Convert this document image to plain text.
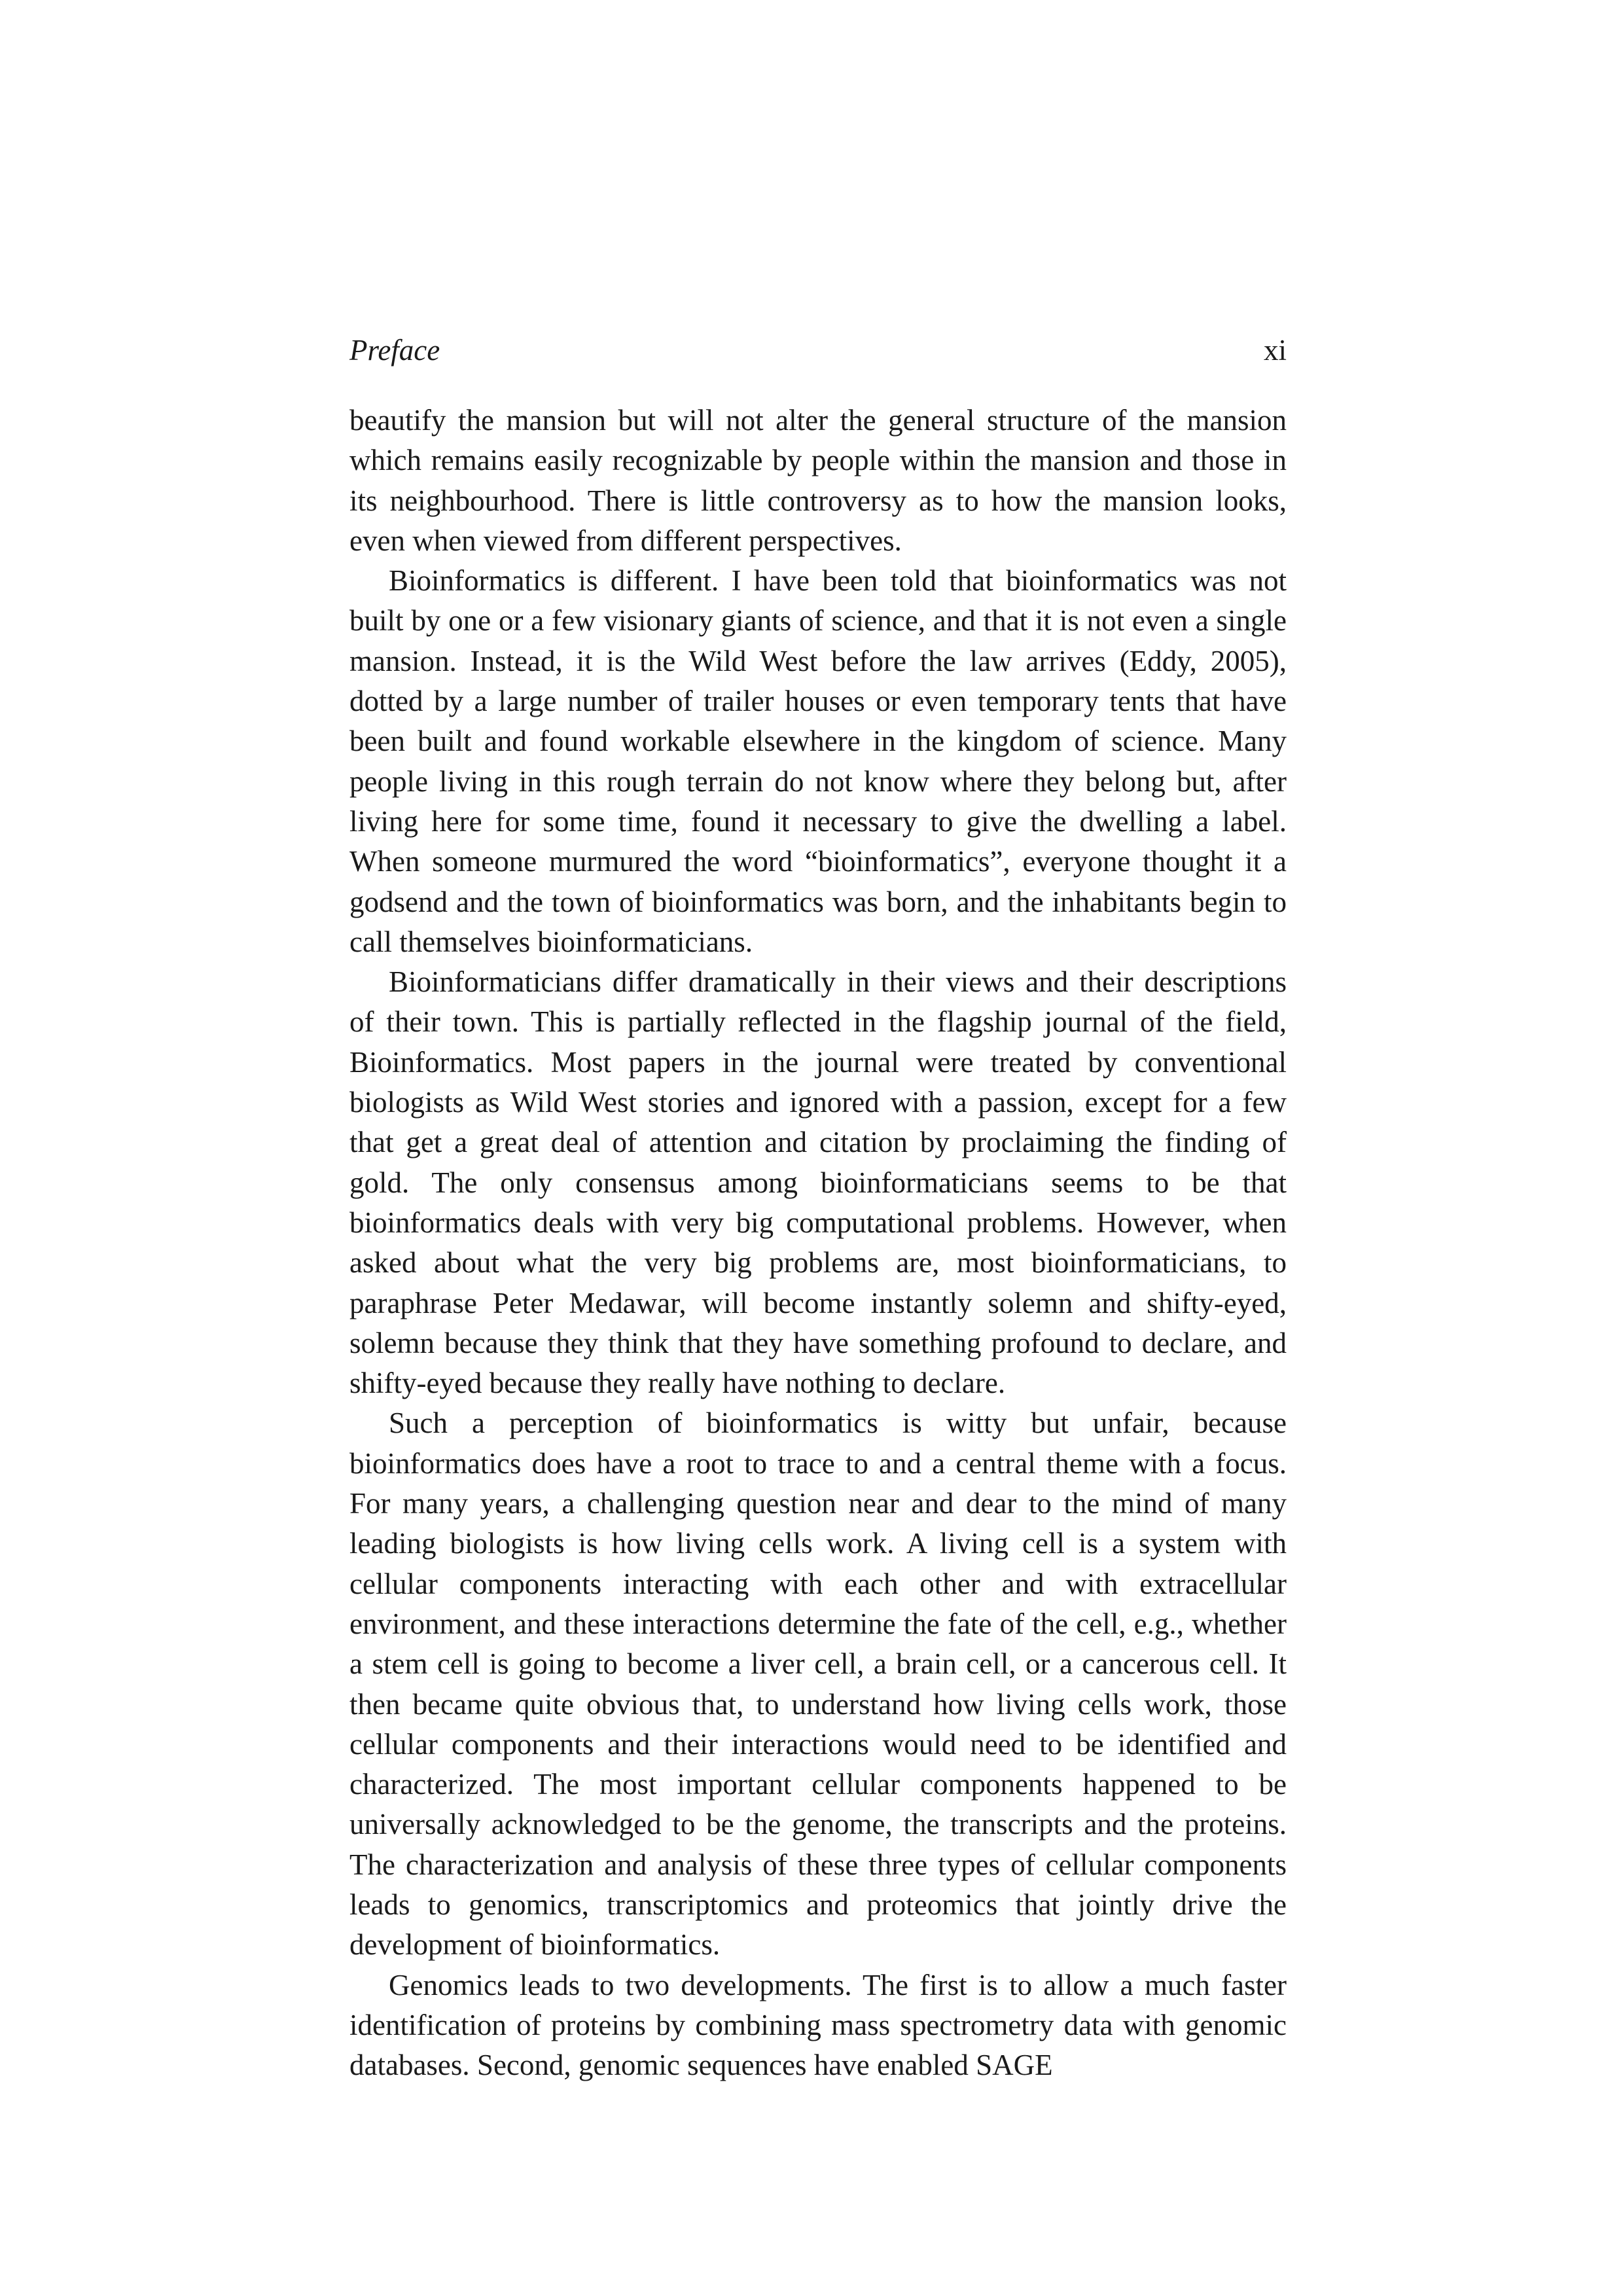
Preface	xi

beautify the mansion but will not alter the general structure of the mansion which remains easily recognizable by people within the mansion and those in its neighbourhood. There is little controversy as to how the mansion looks, even when viewed from different perspectives.

Bioinformatics is different. I have been told that bioinformatics was not built by one or a few visionary giants of science, and that it is not even a single mansion. Instead, it is the Wild West before the law arrives (Eddy, 2005), dotted by a large number of trailer houses or even temporary tents that have been built and found workable elsewhere in the kingdom of science. Many people living in this rough terrain do not know where they belong but, after living here for some time, found it necessary to give the dwelling a label. When someone murmured the word “bioinformatics”, everyone thought it a godsend and the town of bioinformatics was born, and the inhabitants begin to call themselves bioinformaticians.

Bioinformaticians differ dramatically in their views and their descriptions of their town. This is partially reflected in the flagship journal of the field, Bioinformatics. Most papers in the journal were treated by conventional biologists as Wild West stories and ignored with a passion, except for a few that get a great deal of attention and citation by proclaiming the finding of gold. The only consensus among bioinformaticians seems to be that bioinformatics deals with very big computational problems. However, when asked about what the very big problems are, most bioinformaticians, to paraphrase Peter Medawar, will become instantly solemn and shifty-eyed, solemn because they think that they have something profound to declare, and shifty-eyed because they really have nothing to declare.

Such a perception of bioinformatics is witty but unfair, because bioinformatics does have a root to trace to and a central theme with a focus. For many years, a challenging question near and dear to the mind of many leading biologists is how living cells work. A living cell is a system with cellular components interacting with each other and with extracellular environment, and these interactions determine the fate of the cell, e.g., whether a stem cell is going to become a liver cell, a brain cell, or a cancerous cell. It then became quite obvious that, to understand how living cells work, those cellular components and their interactions would need to be identified and characterized. The most important cellular components happened to be universally acknowledged to be the genome, the transcripts and the proteins. The characterization and analysis of these three types of cellular components leads to genomics, transcriptomics and proteomics that jointly drive the development of bioinformatics.

Genomics leads to two developments. The first is to allow a much faster identification of proteins by combining mass spectrometry data with genomic databases. Second, genomic sequences have enabled SAGE
